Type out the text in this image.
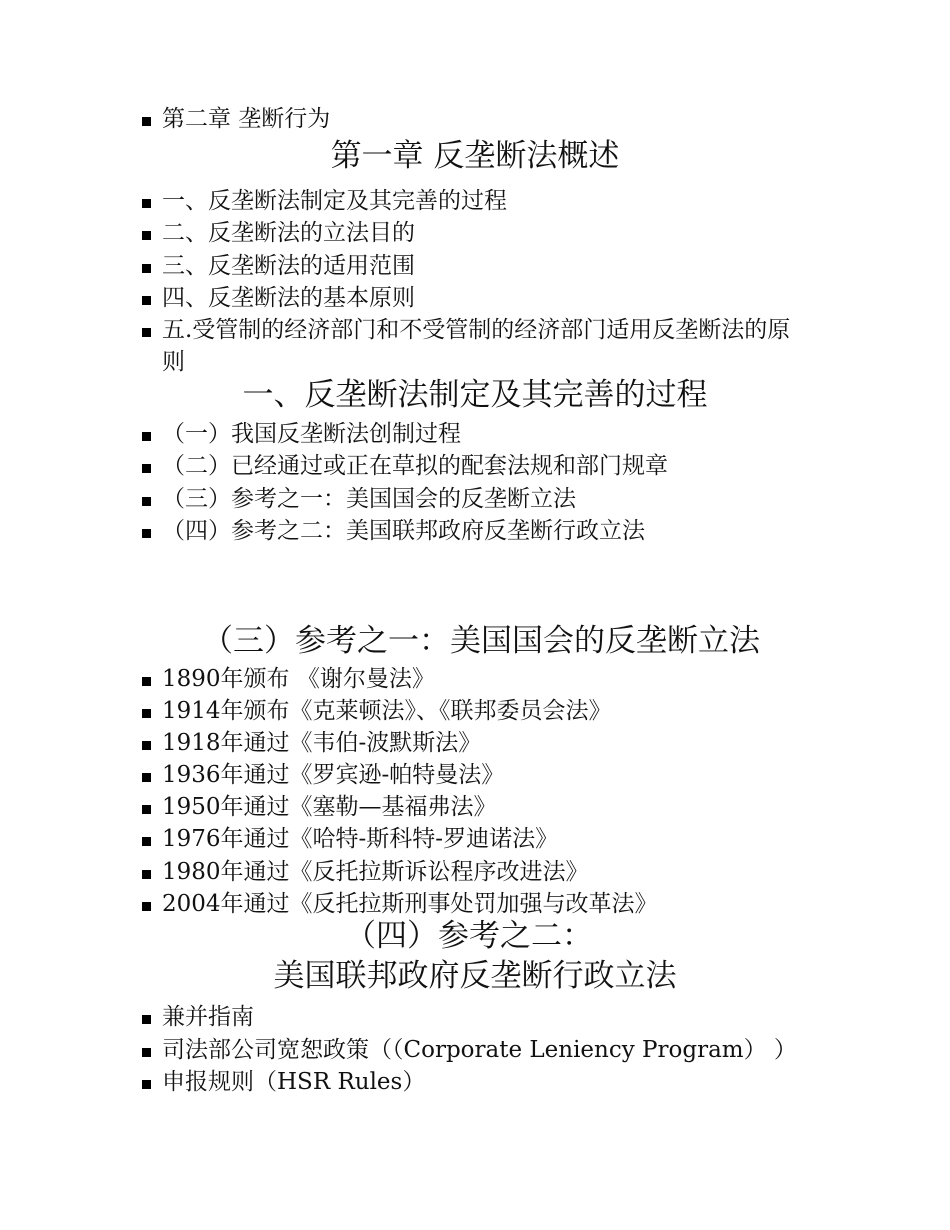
第二章 垄断行为
第一章 反垄断法概述
一、反垄断法制定及其完善的过程
二、反垄断法的立法目的
三、反垄断法的适用范围
四、反垄断法的基本原则
五.受管制的经济部门和不受管制的经济部门适用反垄断法的原则
一、反垄断法制定及其完善的过程
（一）我国反垄断法创制过程
（二）已经通过或正在草拟的配套法规和部门规章
（三）参考之一：美国国会的反垄断立法
（四）参考之二：美国联邦政府反垄断行政立法
（三）参考之一：美国国会的反垄断立法
1890年颁布 《谢尔曼法》
1914年颁布《克莱顿法》、《联邦委员会法》
1918年通过《韦伯-波默斯法》
1936年通过《罗宾逊-帕特曼法》
1950年通过《塞勒—基福弗法》
1976年通过《哈特-斯科特-罗迪诺法》
1980年通过《反托拉斯诉讼程序改进法》
2004年通过《反托拉斯刑事处罚加强与改革法》
（四）参考之二：
美国联邦政府反垄断行政立法
兼并指南
司法部公司宽恕政策（（Corporate Leniency Program） ）
申报规则（HSR Rules）
